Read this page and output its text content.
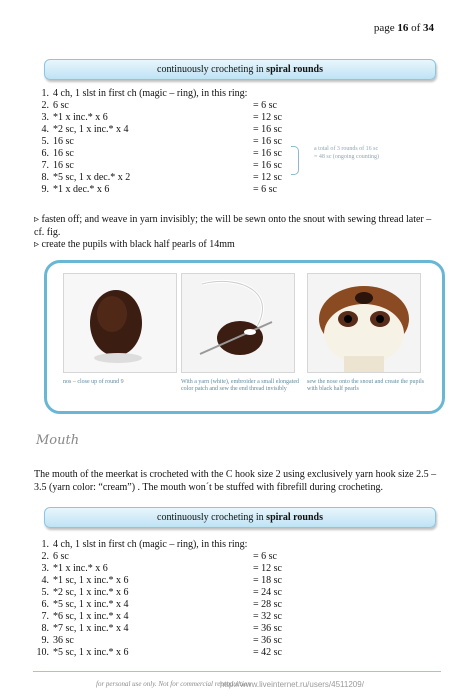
page 16 of 34
continuously crocheting in spiral rounds
1. 4 ch, 1 slst in first ch (magic – ring), in this ring:
2. 6 sc	= 6 sc
3. *1 x inc.* x 6	= 12 sc
4. *2 sc, 1 x inc.* x 4	= 16 sc
5. 16 sc	= 16 sc
6. 16 sc	= 16 sc
7. 16 sc	= 16 sc
8. *5 sc, 1 x dec.* x 2	= 12 sc
9. *1 x dec.* x 6	= 6 sc
a total of 3 rounds of 16 sc
= 48 sc (ongoing counting)
▹ fasten off; and weave in yarn invisibly; the will be sewn onto the snout with sewing thread later –
cf. fig.
▹ create the pupils with black half pearls of 14mm
nos – close up of round 9	With a yarn (white), embroider a small elongated color patch and sew the end thread invisibly
sew the nose onto the snout and create the pupils with black half pearls
Mouth
The mouth of the meerkat is crocheted with the C hook size 2 using exclusively yarn hook size 2.5 –
3.5 (yarn color: “cream”) . The mouth won´t be stuffed with fibrefill during crocheting.
continuously crocheting in spiral rounds
1. 4 ch, 1 slst in first ch (magic – ring), in this ring:
2. 6 sc	= 6 sc
3. *1 x inc.* x 6	= 12 sc
4. *1 sc, 1 x inc.* x 6	= 18 sc
5. *2 sc, 1 x inc.* x 6	= 24 sc
6. *5 sc, 1 x inc.* x 4	= 28 sc
7. *6 sc, 1 x inc.* x 4	= 32 sc
8. *7 sc, 1 x inc.* x 4	= 36 sc
9. 36 sc	= 36 sc
10. *5 sc, 1 x inc.* x 6	= 42 sc
for personal use only. Not for commercial reproduction
http://www.liveinternet.ru/users/4511209/
